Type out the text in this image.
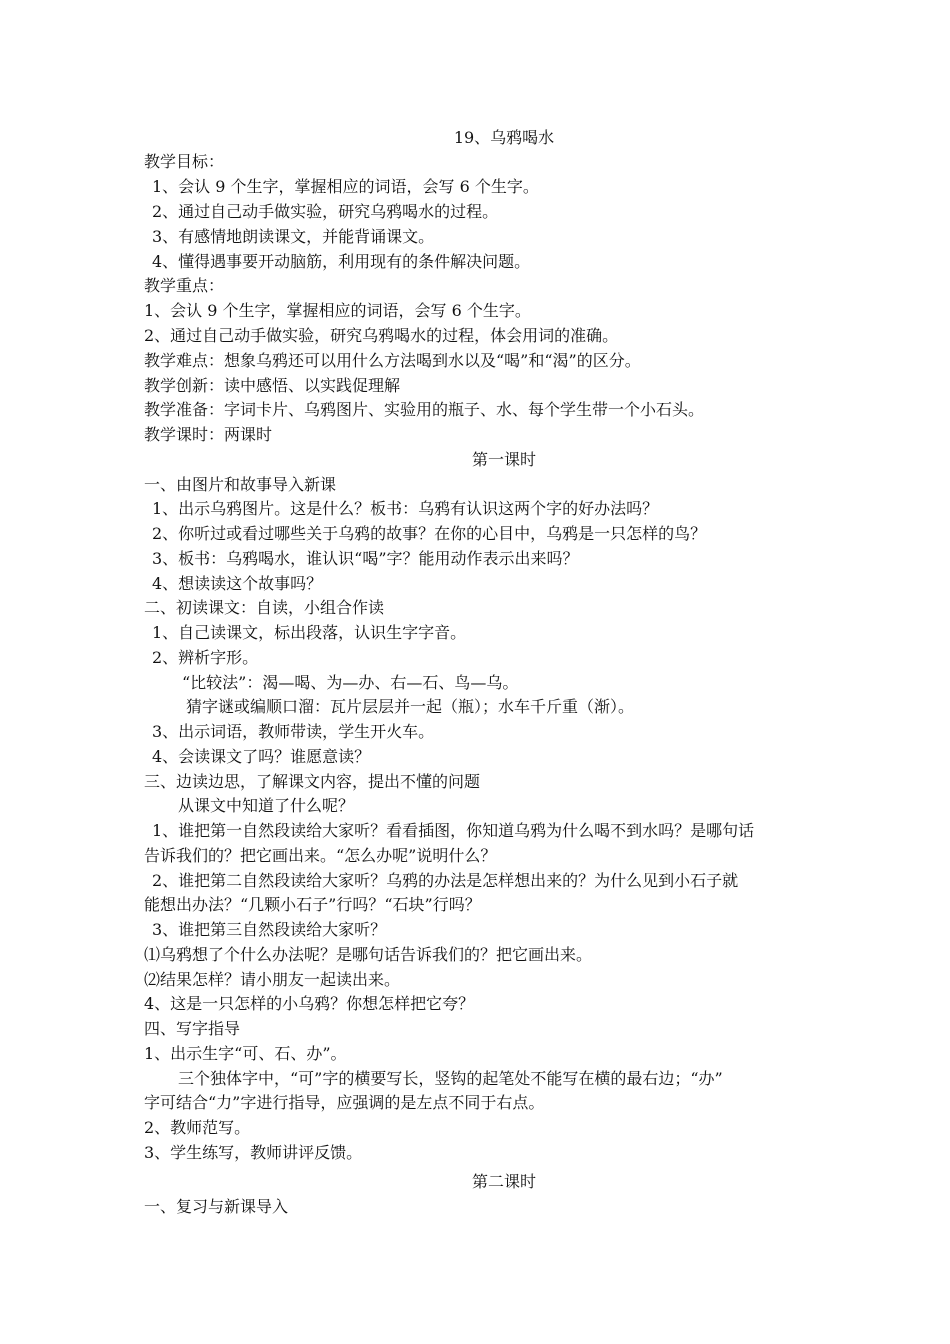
19、乌鸦喝水
教学目标：
1、会认 9 个生字，掌握相应的词语，会写 6 个生字。
2、通过自己动手做实验，研究乌鸦喝水的过程。
3、有感情地朗读课文，并能背诵课文。
4、懂得遇事要开动脑筋，利用现有的条件解决问题。
教学重点：
1、会认 9 个生字，掌握相应的词语，会写 6 个生字。
2、通过自己动手做实验，研究乌鸦喝水的过程，体会用词的准确。
教学难点：想象乌鸦还可以用什么方法喝到水以及“喝”和“渴”的区分。
教学创新：读中感悟、以实践促理解
教学准备：字词卡片、乌鸦图片、实验用的瓶子、水、每个学生带一个小石头。
教学课时：两课时
第一课时
一、由图片和故事导入新课
1、出示乌鸦图片。这是什么？板书：乌鸦有认识这两个字的好办法吗？
2、你听过或看过哪些关于乌鸦的故事？在你的心目中，乌鸦是一只怎样的鸟？
3、板书：乌鸦喝水，谁认识“喝”字？能用动作表示出来吗？
4、想读读这个故事吗？
二、初读课文：自读，小组合作读
1、自己读课文，标出段落，认识生字字音。
2、辨析字形。
“比较法”：渴—喝、为—办、右—石、鸟—乌。
猜字谜或编顺口溜：瓦片层层并一起（瓶）；水车千斤重（渐）。
3、出示词语，教师带读，学生开火车。
4、会读课文了吗？谁愿意读？
三、边读边思，了解课文内容，提出不懂的问题
从课文中知道了什么呢？
1、谁把第一自然段读给大家听？看看插图，你知道乌鸦为什么喝不到水吗？是哪句话
告诉我们的？把它画出来。“怎么办呢”说明什么？
2、谁把第二自然段读给大家听？乌鸦的办法是怎样想出来的？为什么见到小石子就
能想出办法？“几颗小石子”行吗？“石块”行吗？
3、谁把第三自然段读给大家听？
⑴乌鸦想了个什么办法呢？是哪句话告诉我们的？把它画出来。
⑵结果怎样？请小朋友一起读出来。
4、这是一只怎样的小乌鸦？你想怎样把它夸？
四、写字指导
1、出示生字“可、石、办”。
三个独体字中，“可”字的横要写长，竖钩的起笔处不能写在横的最右边；“办”
字可结合“力”字进行指导，应强调的是左点不同于右点。
2、教师范写。
3、学生练写，教师讲评反馈。
第二课时
一、复习与新课导入
